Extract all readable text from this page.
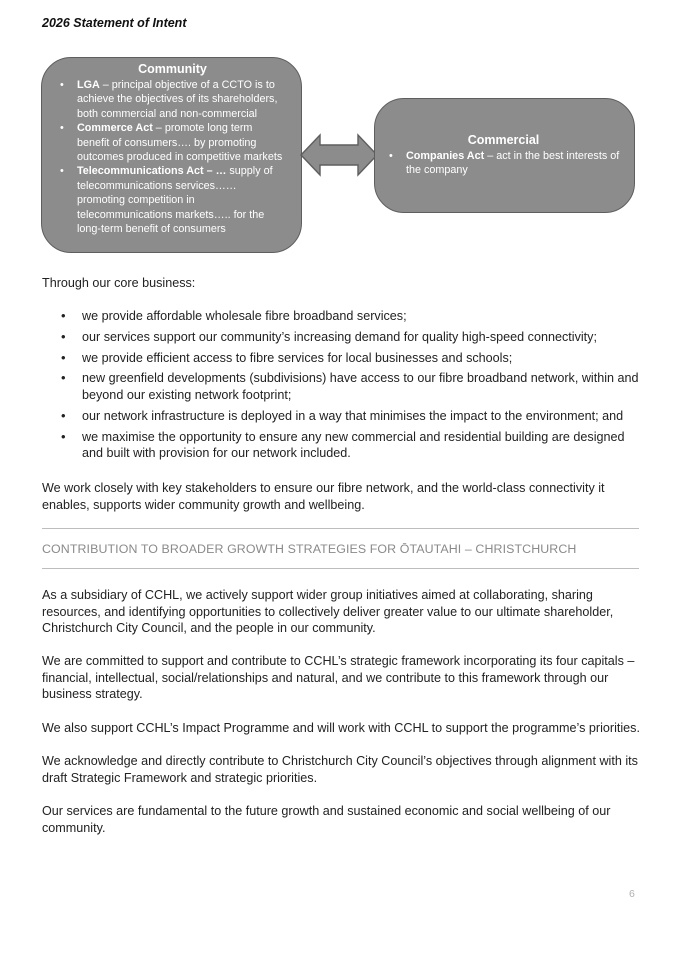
2026 Statement of Intent
Community
• LGA – principal objective of a CCTO is to achieve the objectives of its shareholders, both commercial and non-commercial
• Commerce Act – promote long term benefit of consumers…. by promoting outcomes produced in competitive markets
• Telecommunications Act – … supply of telecommunications services…… promoting competition in telecommunications markets….. for the long-term benefit of consumers
Commercial
• Companies Act – act in the best interests of the company
Through our core business:
• we provide affordable wholesale fibre broadband services;
• our services support our community’s increasing demand for quality high-speed connectivity;
• we provide efficient access to fibre services for local businesses and schools;
• new greenfield developments (subdivisions) have access to our fibre broadband network, within and beyond our existing network footprint;
• our network infrastructure is deployed in a way that minimises the impact to the environment; and
• we maximise the opportunity to ensure any new commercial and residential building are designed and built with provision for our network included.
We work closely with key stakeholders to ensure our fibre network, and the world-class connectivity it enables, supports wider community growth and wellbeing.
CONTRIBUTION TO BROADER GROWTH STRATEGIES FOR ŌTAUTAHI – CHRISTCHURCH
As a subsidiary of CCHL, we actively support wider group initiatives aimed at collaborating, sharing resources, and identifying opportunities to collectively deliver greater value to our ultimate shareholder, Christchurch City Council, and the people in our community.
We are committed to support and contribute to CCHL’s strategic framework incorporating its four capitals – financial, intellectual, social/relationships and natural, and we contribute to this framework through our business strategy.
We also support CCHL’s Impact Programme and will work with CCHL to support the programme’s priorities.
We acknowledge and directly contribute to Christchurch City Council’s objectives through alignment with its draft Strategic Framework and strategic priorities.
Our services are fundamental to the future growth and sustained economic and social wellbeing of our community.
6
